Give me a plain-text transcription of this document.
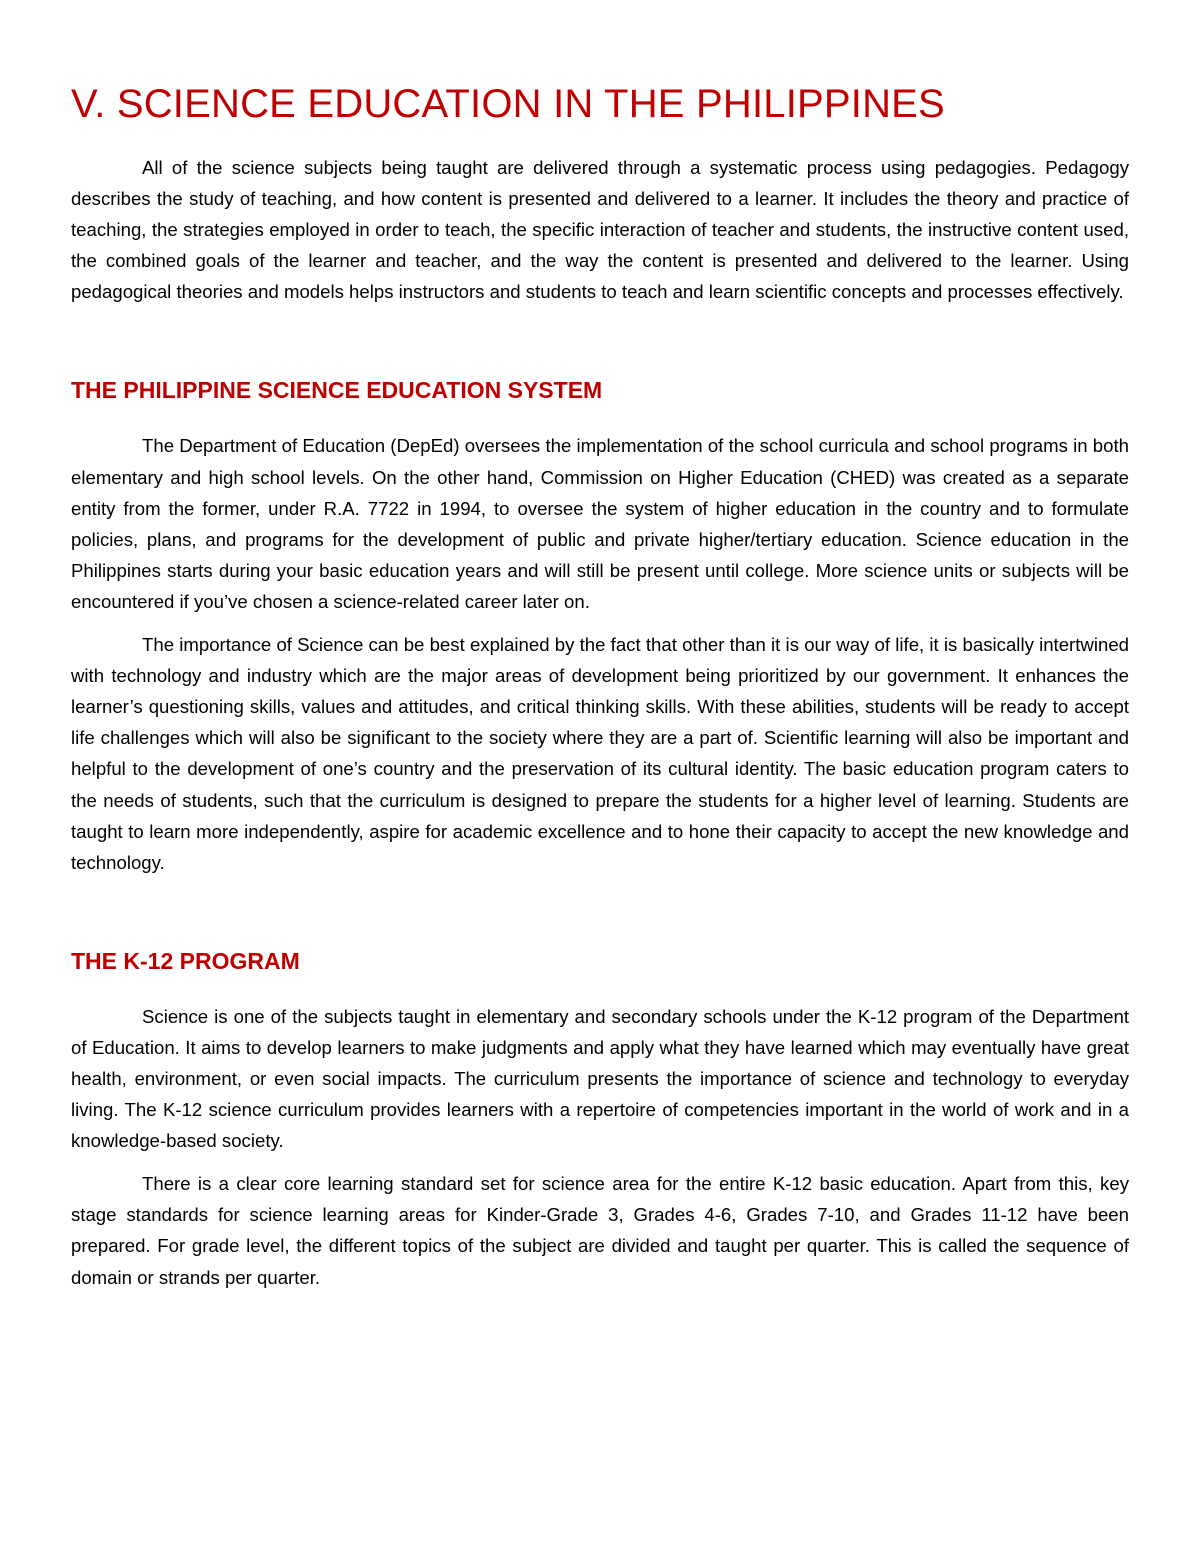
V. SCIENCE EDUCATION IN THE PHILIPPINES

All of the science subjects being taught are delivered through a systematic process using pedagogies. Pedagogy describes the study of teaching, and how content is presented and delivered to a learner. It includes the theory and practice of teaching, the strategies employed in order to teach, the specific interaction of teacher and students, the instructive content used, the combined goals of the learner and teacher, and the way the content is presented and delivered to the learner. Using pedagogical theories and models helps instructors and students to teach and learn scientific concepts and processes effectively.

THE PHILIPPINE SCIENCE EDUCATION SYSTEM

The Department of Education (DepEd) oversees the implementation of the school curricula and school programs in both elementary and high school levels. On the other hand, Commission on Higher Education (CHED) was created as a separate entity from the former, under R.A. 7722 in 1994, to oversee the system of higher education in the country and to formulate policies, plans, and programs for the development of public and private higher/tertiary education. Science education in the Philippines starts during your basic education years and will still be present until college. More science units or subjects will be encountered if you’ve chosen a science-related career later on.

The importance of Science can be best explained by the fact that other than it is our way of life, it is basically intertwined with technology and industry which are the major areas of development being prioritized by our government. It enhances the learner’s questioning skills, values and attitudes, and critical thinking skills. With these abilities, students will be ready to accept life challenges which will also be significant to the society where they are a part of. Scientific learning will also be important and helpful to the development of one’s country and the preservation of its cultural identity. The basic education program caters to the needs of students, such that the curriculum is designed to prepare the students for a higher level of learning. Students are taught to learn more independently, aspire for academic excellence and to hone their capacity to accept the new knowledge and technology.

THE K-12 PROGRAM

Science is one of the subjects taught in elementary and secondary schools under the K-12 program of the Department of Education. It aims to develop learners to make judgments and apply what they have learned which may eventually have great health, environment, or even social impacts. The curriculum presents the importance of science and technology to everyday living. The K-12 science curriculum provides learners with a repertoire of competencies important in the world of work and in a knowledge-based society.

There is a clear core learning standard set for science area for the entire K-12 basic education. Apart from this, key stage standards for science learning areas for Kinder-Grade 3, Grades 4-6, Grades 7-10, and Grades 11-12 have been prepared. For grade level, the different topics of the subject are divided and taught per quarter. This is called the sequence of domain or strands per quarter.
